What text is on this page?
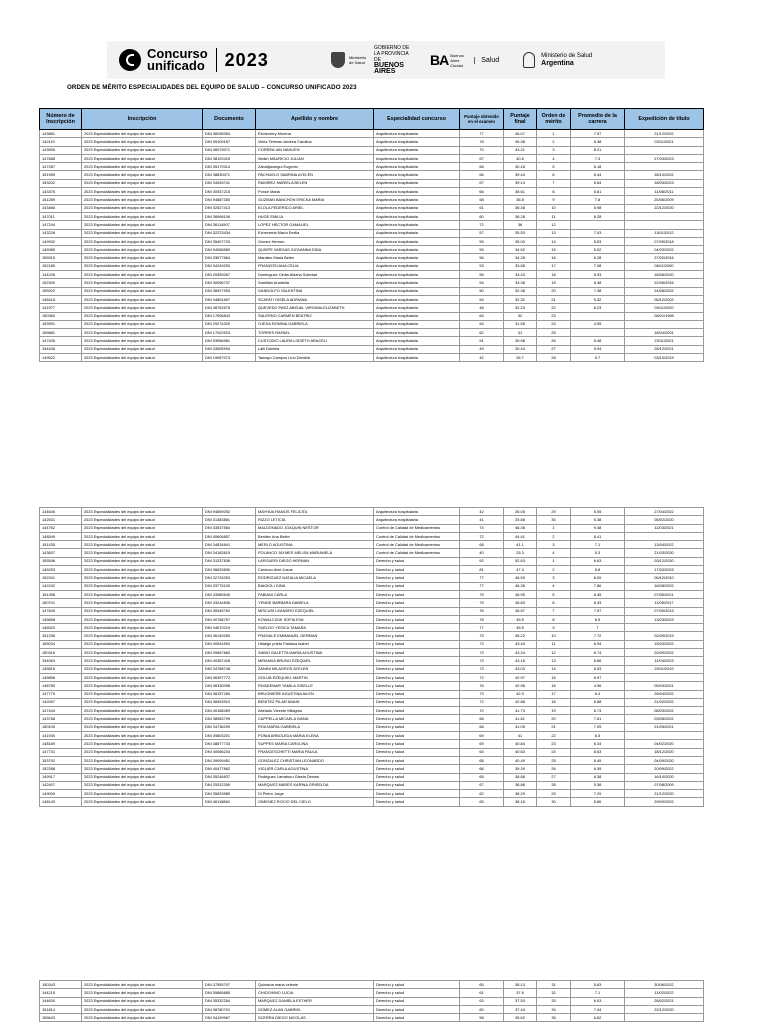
Concurso
unificado 2023	Ministerio de Salud
GOBIERNO DE LA PROVINCIA DE
BUENOS AIRES
BA Buenos Aires Ciudad
Salud
Ministerio de Salud
Argentina
ORDEN DE MÉRITO ESPECIALIDADES DEL EQUIPO DE SALUD – CONCURSO UNIFICADO 2023
Número de Inscripción	Inscripción	Documento	Apellido y nombre	Especialidad concurso	Puntaje obtenido en el examen	Puntaje final	Orden de mérito	Promedio de la carrera	Expedición de título
143881	2023 Especialidades del equipo de salud	DNI 38298354	Etcheverry Morena	Arquitectura hospitalaria	77	46.07	1	7.57	21/12/2022
142119	2023 Especialidades del equipo de salud	DNI 95109167	Velez Teheran Andrea Carolina	Arquitectura hospitalaria	78	45.38	2	6.38	03/11/2021
143595	2023 Especialidades del equipo de salud	DNI 36079071	CORREA IAN NAHUEN	Arquitectura hospitalaria	70	43.21	3	8.21	
147688	2023 Especialidades del equipo de salud	DNI 38129415	Walsh MAURICIO JULIAN	Arquitectura hospitalaria	67	40.8	4	7.3	27/03/2023
147287	2023 Especialidades del equipo de salud	DNI 35179314	Zabalijauregui Eugenio	Arquitectura hospitalaria	68	40.18	5	6.18	
151959	2023 Especialidades del equipo de salud	DNI 38830071	PACHUELO SABRINA AYELÉN	Arquitectura hospitalaria	66	39.44	6	6.44	18/10/2022
153202	2023 Especialidades del equipo de salud	DNI 34928741	RAMIREZ MARIELA BELEN	Arquitectura hospitalaria	67	39.14	7	5.64	18/03/2023
143376	2023 Especialidades del equipo de salud	DNI 30937215	Ponce Maria	Arquitectura hospitalaria	66	38.61	8	5.61	11/08/2011
151289	2023 Especialidades del equipo de salud	DNI 94687355	GUZMAN BANCHON ERICKA MARIA	Arquitectura hospitalaria	58	36.8	9	7.8	25/06/2009
143466	2023 Especialidades del equipo de salud	DNI 32527413	ELOLA FEDERICO ARIEL	Arquitectura hospitalaria	61	36.48	10	5.98	22/12/2020
147011	2023 Especialidades del equipo de salud	DNI 36998106	HUGE EMILIA	Arquitectura hospitalaria	60	36.28	11	6.28	
147244	2023 Especialidades del equipo de salud	DNI 36114907	LOPEZ HECTOR GAMALIEL	Arquitectura hospitalaria	72	36	12		
143226	2023 Especialidades del equipo de salud	DNI 32223434	Echeverria María Emilia	Arquitectura hospitalaria	57	35.53	13	7.03	15/11/2012
149932	2023 Especialidades del equipo de salud	DNI 35407720	Gomez Hernan	Arquitectura hospitalaria	59	35.03	14	5.53	07/09/2018
145985	2023 Especialidades del equipo de salud	DNI 94066589	QUISPE VARGAS GIOVANNA DIDA	Arquitectura hospitalaria	59	34.52	15	5.02	04/03/2022
155915	2023 Especialidades del equipo de salud	DNI 33677664	Marateo Maria Belén	Arquitectura hospitalaria	56	34.28	16	6.28	27/02/2016
152185	2023 Especialidades del equipo de salud	DNI 34249253	FRANZOSI ANA CELIA	Arquitectura hospitalaria	53	33.58	17	7.08	06/11/2000
144226	2023 Especialidades del equipo de salud	DNI 29399267	Dominguez Cintia Aldana Soledad	Arquitectura hospitalaria	55	33.43	18	5.93	18/06/2020
152300	2023 Especialidades del equipo de salud	DNI 30996737	Santillan Anabella	Arquitectura hospitalaria	54	33.38	19	6.38	22/06/2016
155922	2023 Especialidades del equipo de salud	DNI 38927953	GANDOLFO VALENTINA	Arquitectura hospitalaria	50	32.38	20	7.38	24/08/2022
148418	2023 Especialidades del equipo de salud	DNI 34891697	SCAFATI GISELA ADRIANA	Arquitectura hospitalaria	54	32.32	21	5.32	06/12/2002
141977	2023 Especialidades del equipo de salud	DNI 38752675	QUEVEDO PAEZ ABIGAIL VIRGINIA ELIZABETH	Arquitectura hospitalaria	48	32.23	22	8.23	09/11/2020
150360	2023 Especialidades del equipo de salud	DNI 17506843	SALERNO CARMEN BEATRIZ	Arquitectura hospitalaria	64	32	23		08/01/1998
153991	2023 Especialidades del equipo de salud	DNI 29274320	OJEDA ROMINA GABRIELA	Arquitectura hospitalaria	54	31.55	24	4.55	
155881	2023 Especialidades del equipo de salud	DNI 17020923	TORRES RAFAEL	Arquitectura hospitalaria	62	31	25		18/04/2001
147426	2023 Especialidades del equipo de salud	DNI 93956981	CUSTODIO LAURA LISSETH ARACELI	Arquitectura hospitalaria	51	30.98	26	5.48	23/11/2021
154445	2023 Especialidades del equipo de salud	DNI 33505994	Lalli Daniela	Arquitectura hospitalaria	49	30.44	27	5.94	28/12/2021
149522	2023 Especialidades del equipo de salud	DNI 19087073	Tamayo Campos Lirio Daniela	Arquitectura hospitalaria	42	26.7	28	5.7	03/10/2019
144640	2023 Especialidades del equipo de salud	DNI 94659092	MAYHUA RAMOS FELICITA	Arquitectura hospitalaria	42	26.05	29	5.05	27/04/2022
142531	2023 Especialidades del equipo de salud	DNI 31383881	RIZZO LETICIA	Arquitectura hospitalaria	41	25.88	30	5.38	05/02/2020
144762	2023 Especialidades del equipo de salud	DNI 33537584	MALDONADO JOAQUIN NESTOR	Control de Calidad de Medicamentos	74	46.48	1	9.48	11/03/2021
148549	2023 Especialidades del equipo de salud	DNI 40606857	Benitez Ana Belén	Control de Calidad de Medicamentos	72	44.41	2	8.41	
151435	2023 Especialidades del equipo de salud	DNI 34834641	MERLO AGUSTINA	Control de Calidad de Medicamentos	68	41.1	3	7.1	13/04/2022
143837	2023 Especialidades del equipo de salud	DNI 34182615	POLANCO JAYMES MELISA MARIANELA	Control de Calidad de Medicamentos	40	25.3	4	5.3	21/03/2020
155546	2023 Especialidades del equipo de salud	DNI 31337836	LARGUERI DIEGO HERNAN	Derecho y salud	92	52.63	1	6.63	03/12/2020
145253	2023 Especialidades del equipo de salud	DNI 36633830	Cardozo Ariel Josue	Derecho y salud	81	47.3	2	6.8	17/03/2023
152341	2023 Especialidades del equipo de salud	DNI 32726393	RODRIGUEZ NATALIA MICAELA	Derecho y salud	77	46.59	3	8.09	06/12/2010
142242	2023 Especialidades del equipo de salud	DNI 33775100	BIAGIOLI GINA	Derecho y salud	77	46.36	4	7.86	16/08/2022
151398	2023 Especialidades del equipo de salud	DNI 33980549	FABIANI CARLA	Derecho y salud	79	45.95	5	6.45	07/05/2021
150701	2023 Especialidades del equipo de salud	DNI 33244836	YENDE BARBARA DANIELA	Derecho y salud	79	45.83	6	6.33	11/05/2017
147649	2023 Especialidades del equipo de salud	DNI 35345762	MISCUSI LEANDRO EZEQUIEL	Derecho y salud	76	45.57	7	7.57	07/09/2013
145658	2023 Especialidades del equipo de salud	DNI 40768757	KOWALCZUK SOFIA EVA	Derecho y salud	78	45.5	8	6.5	13/03/2023
146520	2023 Especialidades del equipo de salud	DNI 34670219	SUELDO YESICA TAMARA	Derecho y salud	77	45.5	9	7	
151256	2023 Especialidades del equipo de salud	DNI 36149269	FRAGALE EMMANUEL GERMAN	Derecho y salud	75	45.22	10	7.72	02/09/2019
155034	2023 Especialidades del equipo de salud	DNI 40544594	Hidalgo prieto Fabiana Isabel	Derecho y salud	73	43.44	11	6.94	15/03/2022
150316	2023 Especialidades del equipo de salud	DNI 39667883	SABIO GALETTA MARIA AGUSTINA	Derecho y salud	73	43.24	12	6.74	20/09/2022
154063	2023 Especialidades del equipo de salud	DNI 40387428	MIRANDA BRUNO EZEQUIEL	Derecho y salud	73	43.16	13	6.66	11/04/2023
145816	2023 Especialidades del equipo de salud	DNI 34786748	ZANINI MILAGROS AYELEN	Derecho y salud	73	43.03	14	6.53	20/11/2019
145856	2023 Especialidades del equipo de salud	DNI 36397772	GOLUB EZEQUIEL MARTIN	Derecho y salud	72	42.97	15	6.97	
148780	2023 Especialidades del equipo de salud	DNI 36330098	RIVADEMAR YAMILA GISELLE	Derecho y salud	76	42.96	16	4.96	05/03/2021
147779	2023 Especialidades del equipo de salud	DNI 38157280	BRUGNIERE AGUSTINA AILEN	Derecho y salud	73	42.9	17	6.4	26/04/2022
142057	2023 Especialidades del equipo de salud	DNI 38453910	BENITEZ PILAR ANAHI	Derecho y salud	72	42.88	18	6.88	21/02/2022
147444	2023 Especialidades del equipo de salud	DNI 40188459	Abelado Vicente Milagros	Derecho y salud	70	41.73	19	6.73	08/03/2022
143768	2023 Especialidades del equipo de salud	DNI 38983799	CAPPELLA MICAELA IVANA	Derecho y salud	68	41.61	20	7.61	03/08/2022
150100	2023 Especialidades del equipo de salud	DNI 34736290	ROA MARIA GABRIELA	Derecho y salud	68	41.05	21	7.05	21/05/2021
141930	2023 Especialidades del equipo de salud	DNI 39803201	PONIA ARBOLEDA MARIA ELENA	Derecho y salud	69	41	22	6.5	
148169	2023 Especialidades del equipo de salud	DNI 38877733	SUPPES MARIA CAROLINA	Derecho y salud	69	40.84	23	6.34	04/02/2020
147731	2023 Especialidades del equipo de salud	DNI 40066234	FRANCESCHETTI MARIA PAULA	Derecho y salud	64	40.63	24	8.63	18/12/2020
153792	2023 Especialidades del equipo de salud	DNI 39099451	GONZALEZ CHRISTIAN LEONARDO	Derecho y salud	68	40.49	25	6.49	04/09/2020
152288	2023 Especialidades del equipo de salud	DNI 40477662	VIGLIER CARLA AGUSTINA	Derecho y salud	66	39.39	26	6.39	20/09/2022
149917	2023 Especialidades del equipo de salud	DNI 35246837	Rodriguez Larraburu Gisela Denise	Derecho y salud	65	38.88	27	6.38	16/10/2020
142407	2023 Especialidades del equipo de salud	DNI 25312359	MARQUEZ MARES KARINA GRISELDA	Derecho y salud	67	38.86	28	5.36	07/08/2009
149009	2023 Especialidades del equipo de salud	DNI 35833985	Di Pietro Jorge	Derecho y salud	62	38.29	29	7.29	21/12/2020
148149	2023 Especialidades del equipo de salud	DNI 46115860	GIMENEZ ROCIO DEL CIELO	Derecho y salud	65	38.16	30	5.66	29/09/2022
150343	2023 Especialidades del equipo de salud	DNI 37555707	Quintana maria celeste	Derecho y salud	65	38.13	31	5.63	30/06/2022
144215	2023 Especialidades del equipo de salud	DNI 35865885	CHIOCHIMO LUCIA	Derecho y salud	61	37.6	32	7.1	11/02/2022
144630	2023 Especialidades del equipo de salud	DNI 35332284	MARQUEZ DANIELA ESTHER	Derecho y salud	63	37.53	33	6.03	26/02/2021
151814	2023 Especialidades del equipo de salud	DNI 38780701	GOMEZ ALAN GABRIEL	Derecho y salud	60	37.44	34	7.44	22/12/2020
155643	2023 Especialidades del equipo de salud	DNI 34199967	SCERRA DIEGO NICOLAS	Derecho y salud	58	35.62	35	6.62	
